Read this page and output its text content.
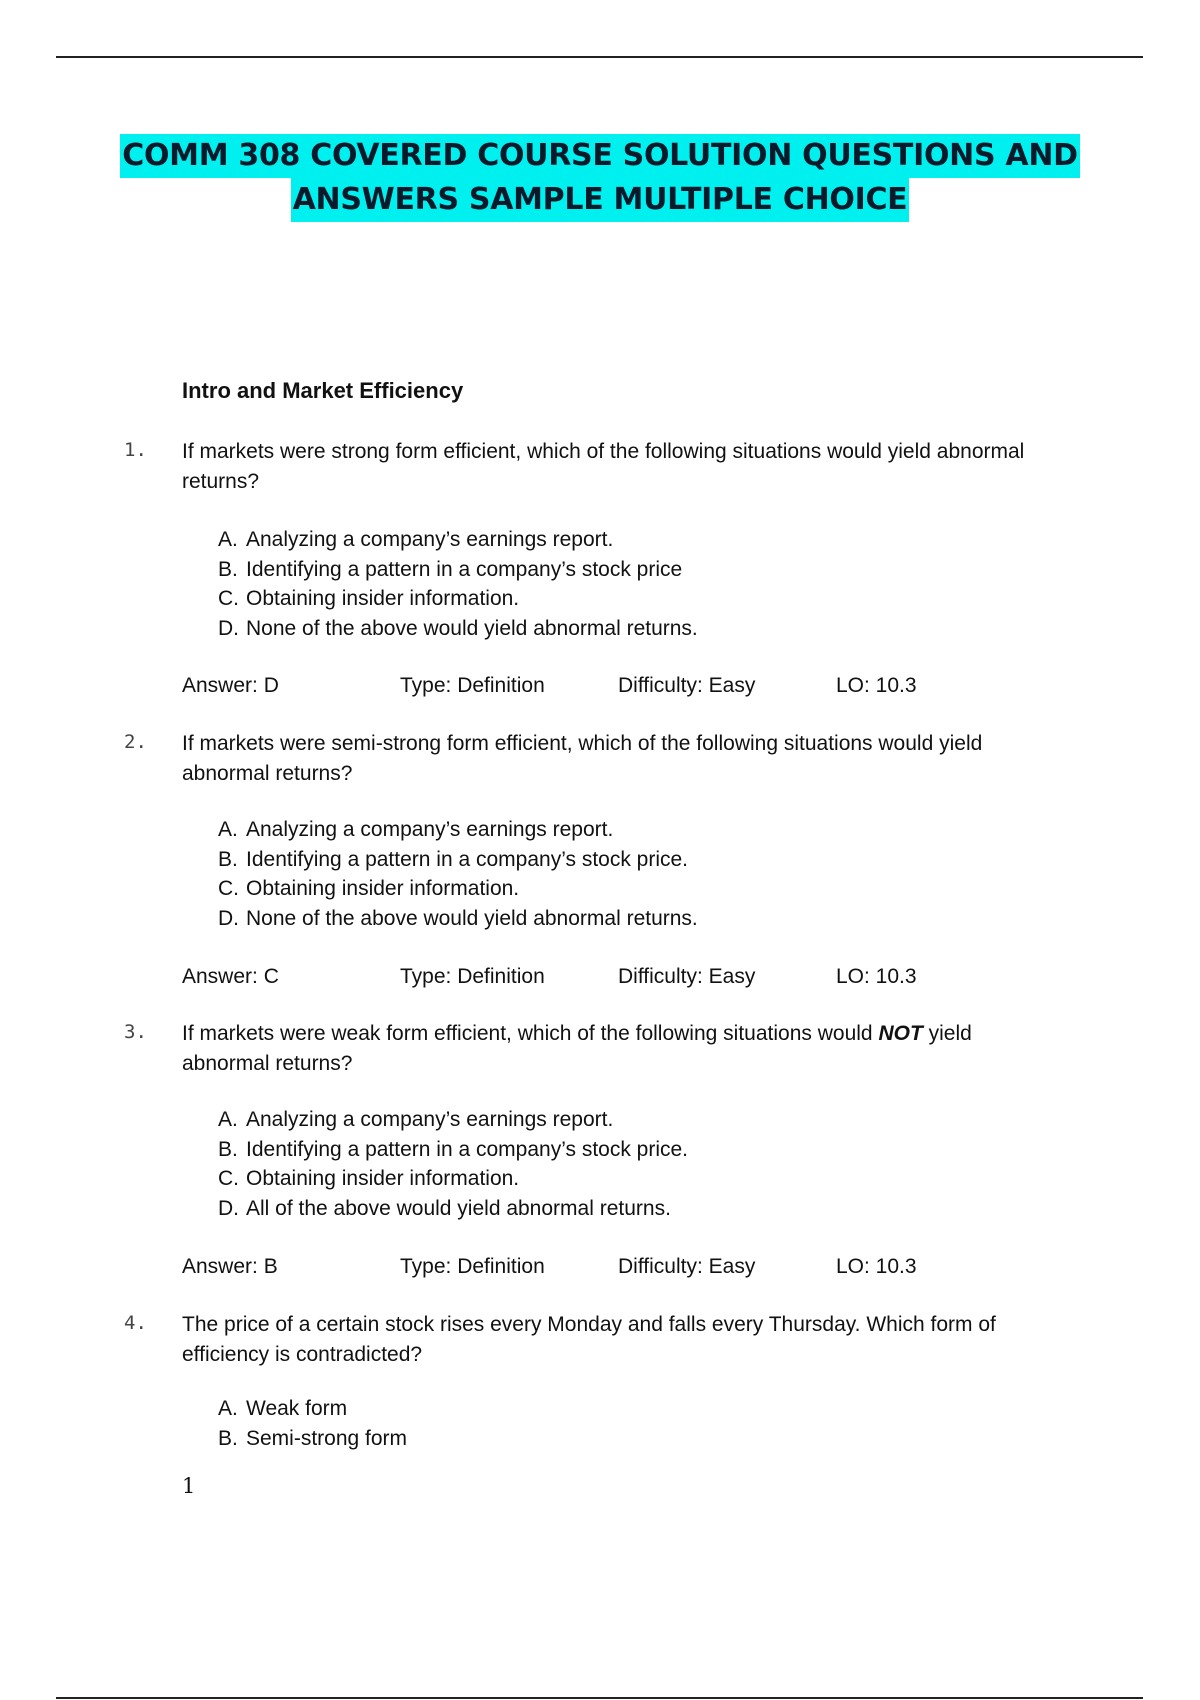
COMM 308 COVERED COURSE SOLUTION QUESTIONS AND
ANSWERS SAMPLE MULTIPLE CHOICE
Intro and Market Efficiency
1. If markets were strong form efficient, which of the following situations would yield abnormal returns?
A. Analyzing a company’s earnings report.
B. Identifying a pattern in a company’s stock price
C. Obtaining insider information.
D. None of the above would yield abnormal returns.
Answer: D	Type: Definition	Difficulty: Easy	LO: 10.3
2. If markets were semi-strong form efficient, which of the following situations would yield abnormal returns?
A. Analyzing a company’s earnings report.
B. Identifying a pattern in a company’s stock price.
C. Obtaining insider information.
D. None of the above would yield abnormal returns.
Answer: C	Type: Definition	Difficulty: Easy	LO: 10.3
3. If markets were weak form efficient, which of the following situations would NOT yield abnormal returns?
A. Analyzing a company’s earnings report.
B. Identifying a pattern in a company’s stock price.
C. Obtaining insider information.
D. All of the above would yield abnormal returns.
Answer: B	Type: Definition	Difficulty: Easy	LO: 10.3
4. The price of a certain stock rises every Monday and falls every Thursday. Which form of efficiency is contradicted?
A. Weak form
B. Semi-strong form
1
